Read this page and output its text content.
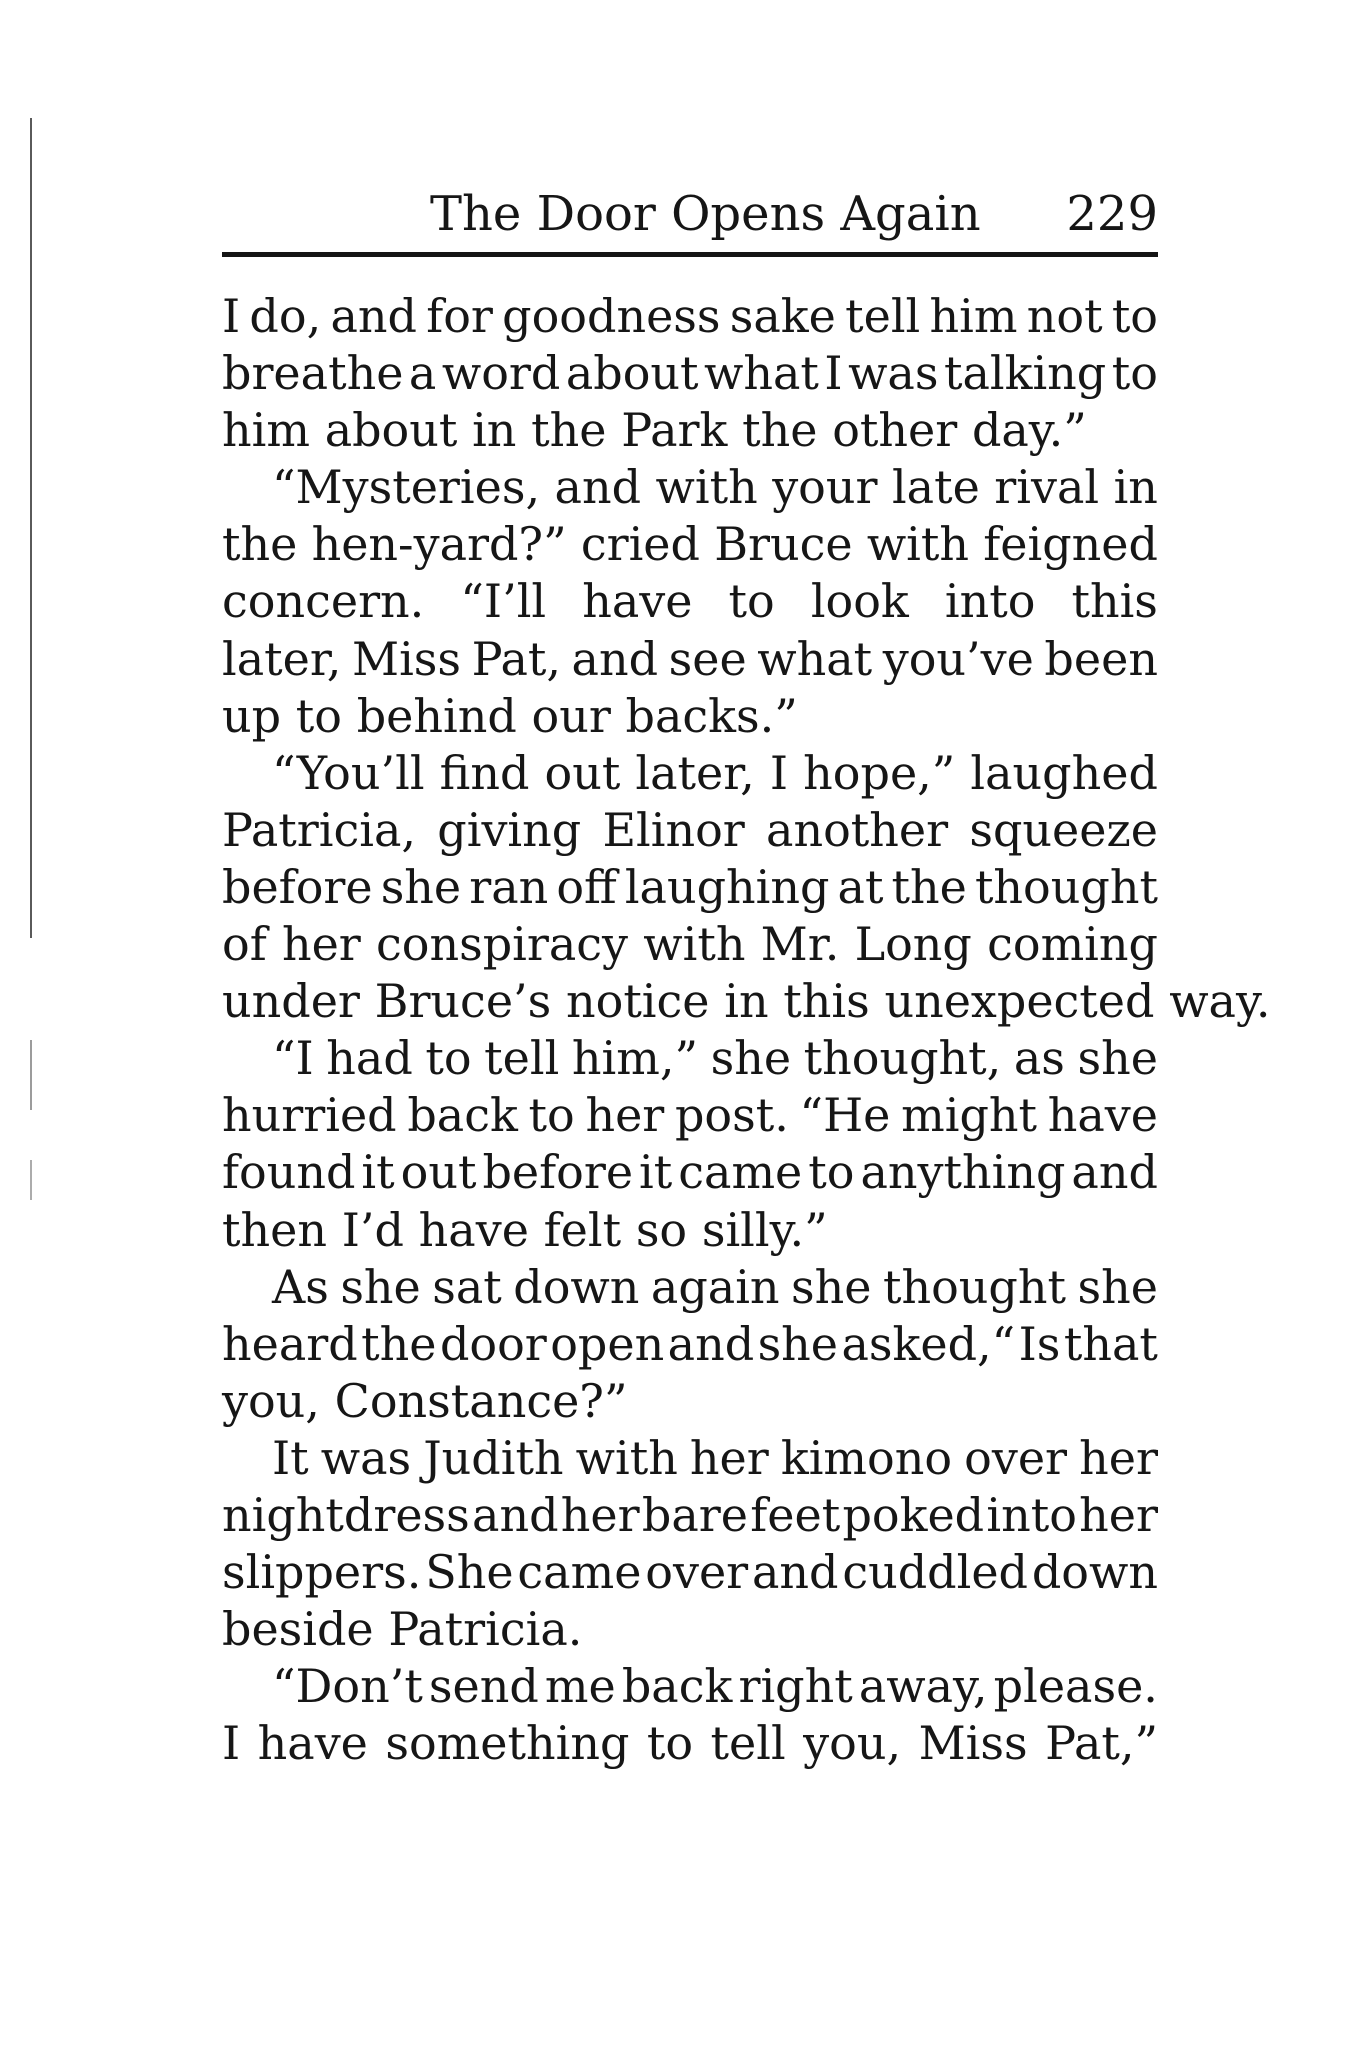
The Door Opens Again 229
I do, and for goodness sake tell him not to
breathe a word about what I was talking to
him about in the Park the other day.”
“Mysteries, and with your late rival in
the hen-yard?” cried Bruce with feigned
concern. “I’ll have to look into this
later, Miss Pat, and see what you’ve been
up to behind our backs.”
“You’ll find out later, I hope,” laughed
Patricia, giving Elinor another squeeze
before she ran off laughing at the thought
of her conspiracy with Mr. Long coming
under Bruce’s notice in this unexpected way.
“I had to tell him,” she thought, as she
hurried back to her post. “He might have
found it out before it came to anything and
then I’d have felt so silly.”
As she sat down again she thought she
heard the door open and she asked,“ Is that
you, Constance?”
It was Judith with her kimono over her
nightdress and her bare feet poked into her
slippers. She came over and cuddled down
beside Patricia.
“Don’t send me back right away, please.
I have something to tell you, Miss Pat,”
